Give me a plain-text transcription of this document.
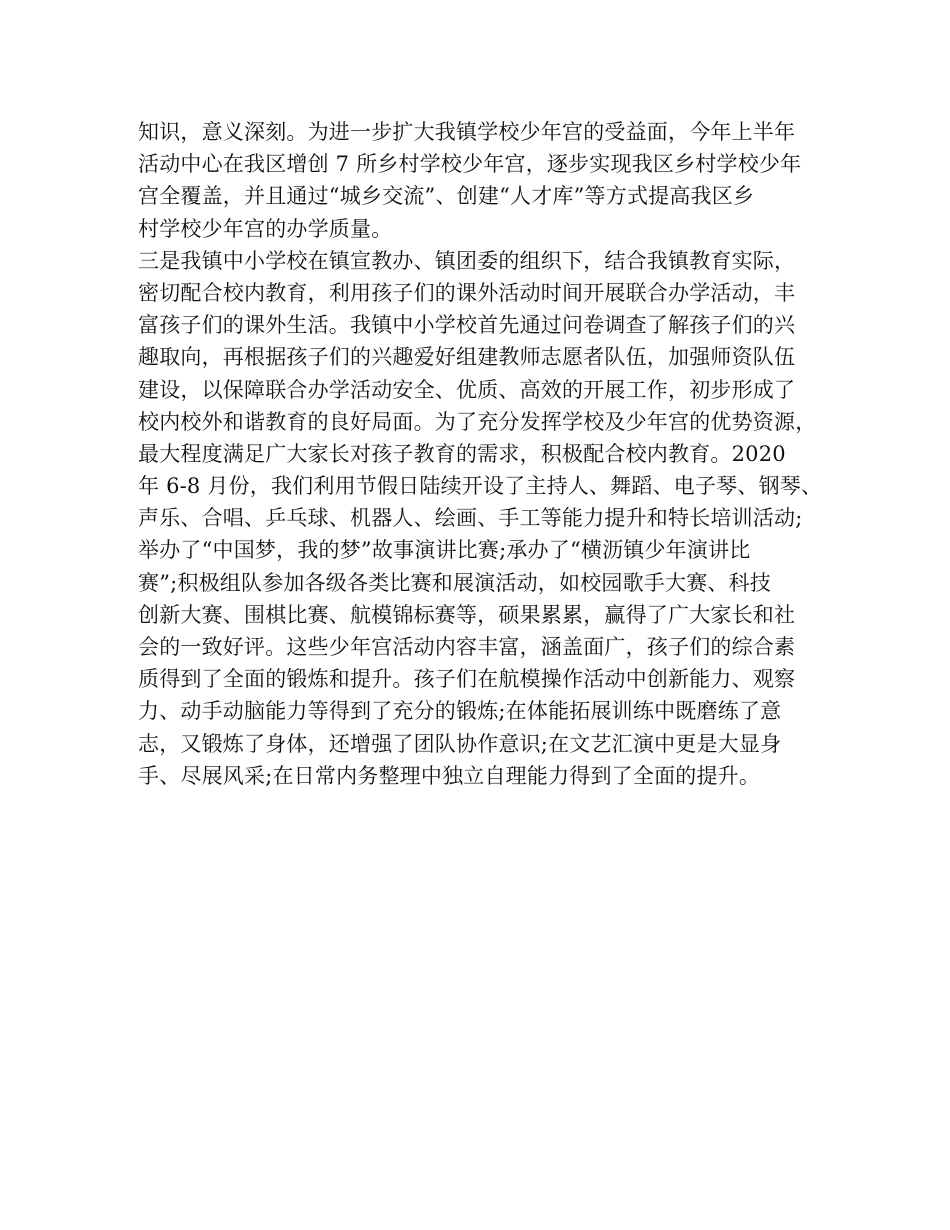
知识，意义深刻。为进一步扩大我镇学校少年宫的受益面，今年上半年
活动中心在我区增创 7 所乡村学校少年宫，逐步实现我区乡村学校少年
宫全覆盖，并且通过“城乡交流”、创建“人才库”等方式提高我区乡
村学校少年宫的办学质量。
三是我镇中小学校在镇宣教办、镇团委的组织下，结合我镇教育实际，
密切配合校内教育，利用孩子们的课外活动时间开展联合办学活动，丰
富孩子们的课外生活。我镇中小学校首先通过问卷调查了解孩子们的兴
趣取向，再根据孩子们的兴趣爱好组建教师志愿者队伍，加强师资队伍
建设，以保障联合办学活动安全、优质、高效的开展工作，初步形成了
校内校外和谐教育的良好局面。为了充分发挥学校及少年宫的优势资源，
最大程度满足广大家长对孩子教育的需求，积极配合校内教育。2020
年 6-8 月份，我们利用节假日陆续开设了主持人、舞蹈、电子琴、钢琴、
声乐、合唱、乒乓球、机器人、绘画、手工等能力提升和特长培训活动;
举办了“中国梦，我的梦”故事演讲比赛;承办了“横沥镇少年演讲比
赛”;积极组队参加各级各类比赛和展演活动，如校园歌手大赛、科技
创新大赛、围棋比赛、航模锦标赛等，硕果累累，赢得了广大家长和社
会的一致好评。这些少年宫活动内容丰富，涵盖面广，孩子们的综合素
质得到了全面的锻炼和提升。孩子们在航模操作活动中创新能力、观察
力、动手动脑能力等得到了充分的锻炼;在体能拓展训练中既磨练了意
志，又锻炼了身体，还增强了团队协作意识;在文艺汇演中更是大显身
手、尽展风采;在日常内务整理中独立自理能力得到了全面的提升。
